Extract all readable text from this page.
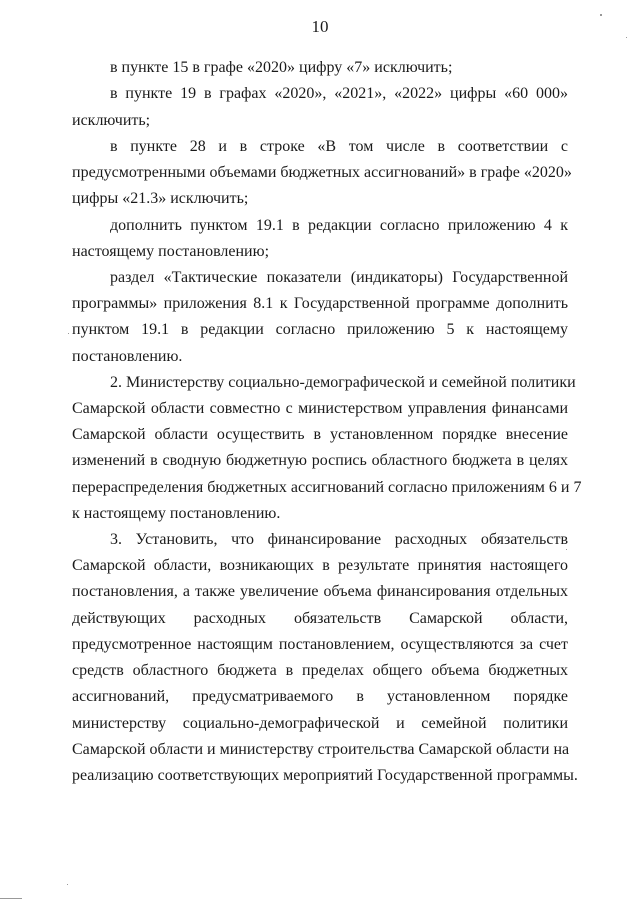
10
в пункте 15 в графе «2020» цифру «7» исключить;
в пункте 19 в графах «2020», «2021», «2022» цифры «60 000»
исключить;
в пункте 28 и в строке «В том числе в соответствии с
предусмотренными объемами бюджетных ассигнований» в графе «2020»
цифры «21.3» исключить;
дополнить пунктом 19.1 в редакции согласно приложению 4 к
настоящему постановлению;
раздел «Тактические показатели (индикаторы) Государственной
программы» приложения 8.1 к Государственной программе дополнить
пунктом 19.1 в редакции согласно приложению 5 к настоящему
постановлению.
2. Министерству социально-демографической и семейной политики
Самарской области совместно с министерством управления финансами
Самарской области осуществить в установленном порядке внесение
изменений в сводную бюджетную роспись областного бюджета в целях
перераспределения бюджетных ассигнований согласно приложениям 6 и 7
к настоящему постановлению.
3. Установить, что финансирование расходных обязательств
Самарской области, возникающих в результате принятия настоящего
постановления, а также увеличение объема финансирования отдельных
действующих расходных обязательств Самарской области,
предусмотренное настоящим постановлением, осуществляются за счет
средств областного бюджета в пределах общего объема бюджетных
ассигнований, предусматриваемого в установленном порядке
министерству социально-демографической и семейной политики
Самарской области и министерству строительства Самарской области на
реализацию соответствующих мероприятий Государственной программы.
